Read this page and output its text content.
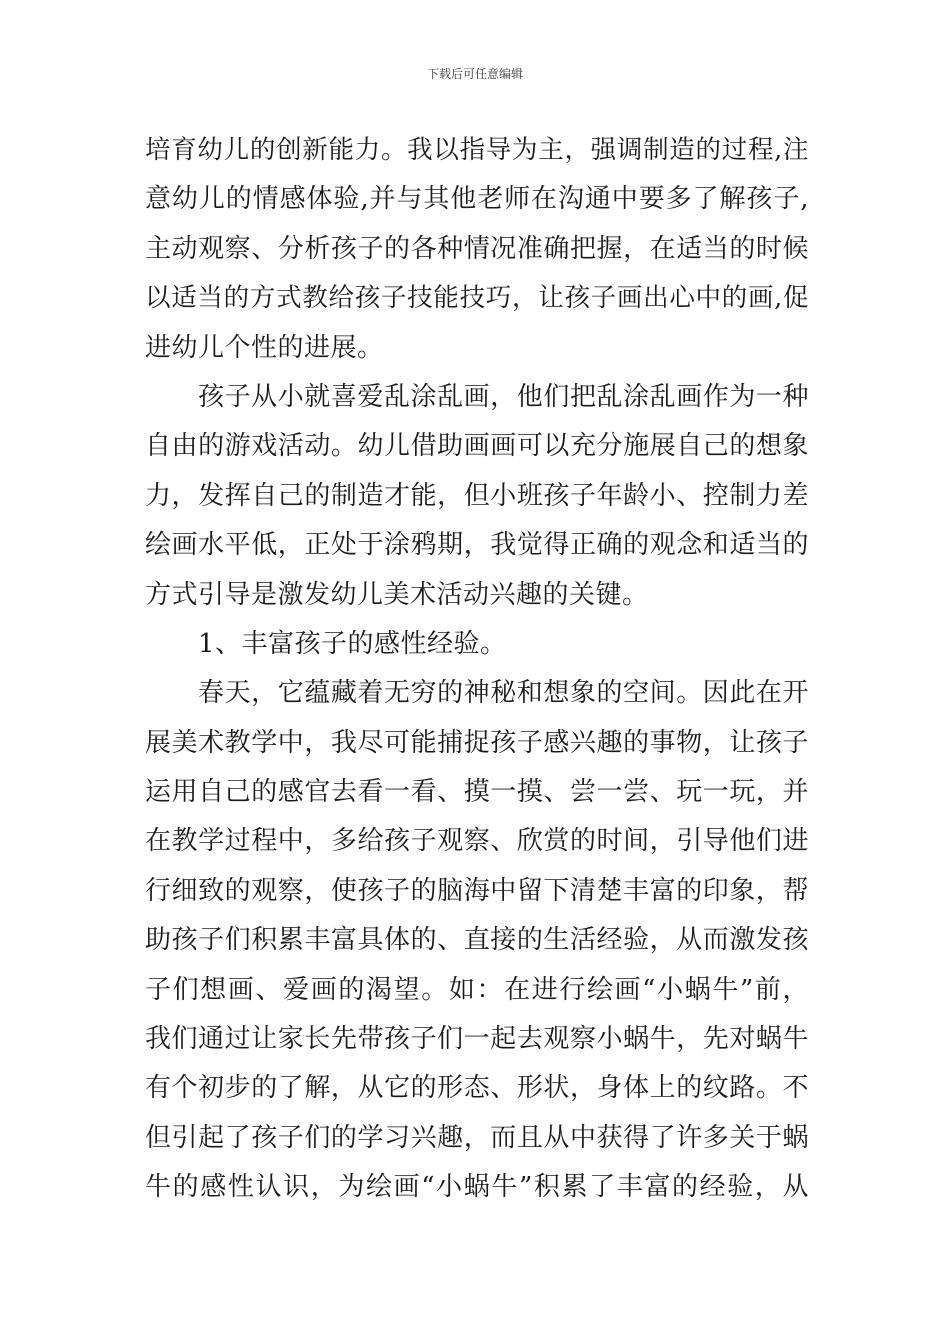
下载后可任意编辑
培育幼儿的创新能力。我以指导为主，强调制造的过程,注
意幼儿的情感体验,并与其他老师在沟通中要多了解孩子,
主动观察、分析孩子的各种情况准确把握，在适当的时候
以适当的方式教给孩子技能技巧，让孩子画出心中的画,促
进幼儿个性的进展。
孩子从小就喜爱乱涂乱画，他们把乱涂乱画作为一种
自由的游戏活动。幼儿借助画画可以充分施展自己的想象
力，发挥自己的制造才能，但小班孩子年龄小、控制力差
绘画水平低，正处于涂鸦期，我觉得正确的观念和适当的
方式引导是激发幼儿美术活动兴趣的关键。
1、丰富孩子的感性经验。
春天，它蕴藏着无穷的神秘和想象的空间。因此在开
展美术教学中，我尽可能捕捉孩子感兴趣的事物，让孩子
运用自己的感官去看一看、摸一摸、尝一尝、玩一玩，并
在教学过程中，多给孩子观察、欣赏的时间，引导他们进
行细致的观察，使孩子的脑海中留下清楚丰富的印象，帮
助孩子们积累丰富具体的、直接的生活经验，从而激发孩
子们想画、爱画的渴望。如：在进行绘画“小蜗牛”前，
我们通过让家长先带孩子们一起去观察小蜗牛，先对蜗牛
有个初步的了解，从它的形态、形状，身体上的纹路。不
但引起了孩子们的学习兴趣，而且从中获得了许多关于蜗
牛的感性认识，为绘画“小蜗牛”积累了丰富的经验，从
